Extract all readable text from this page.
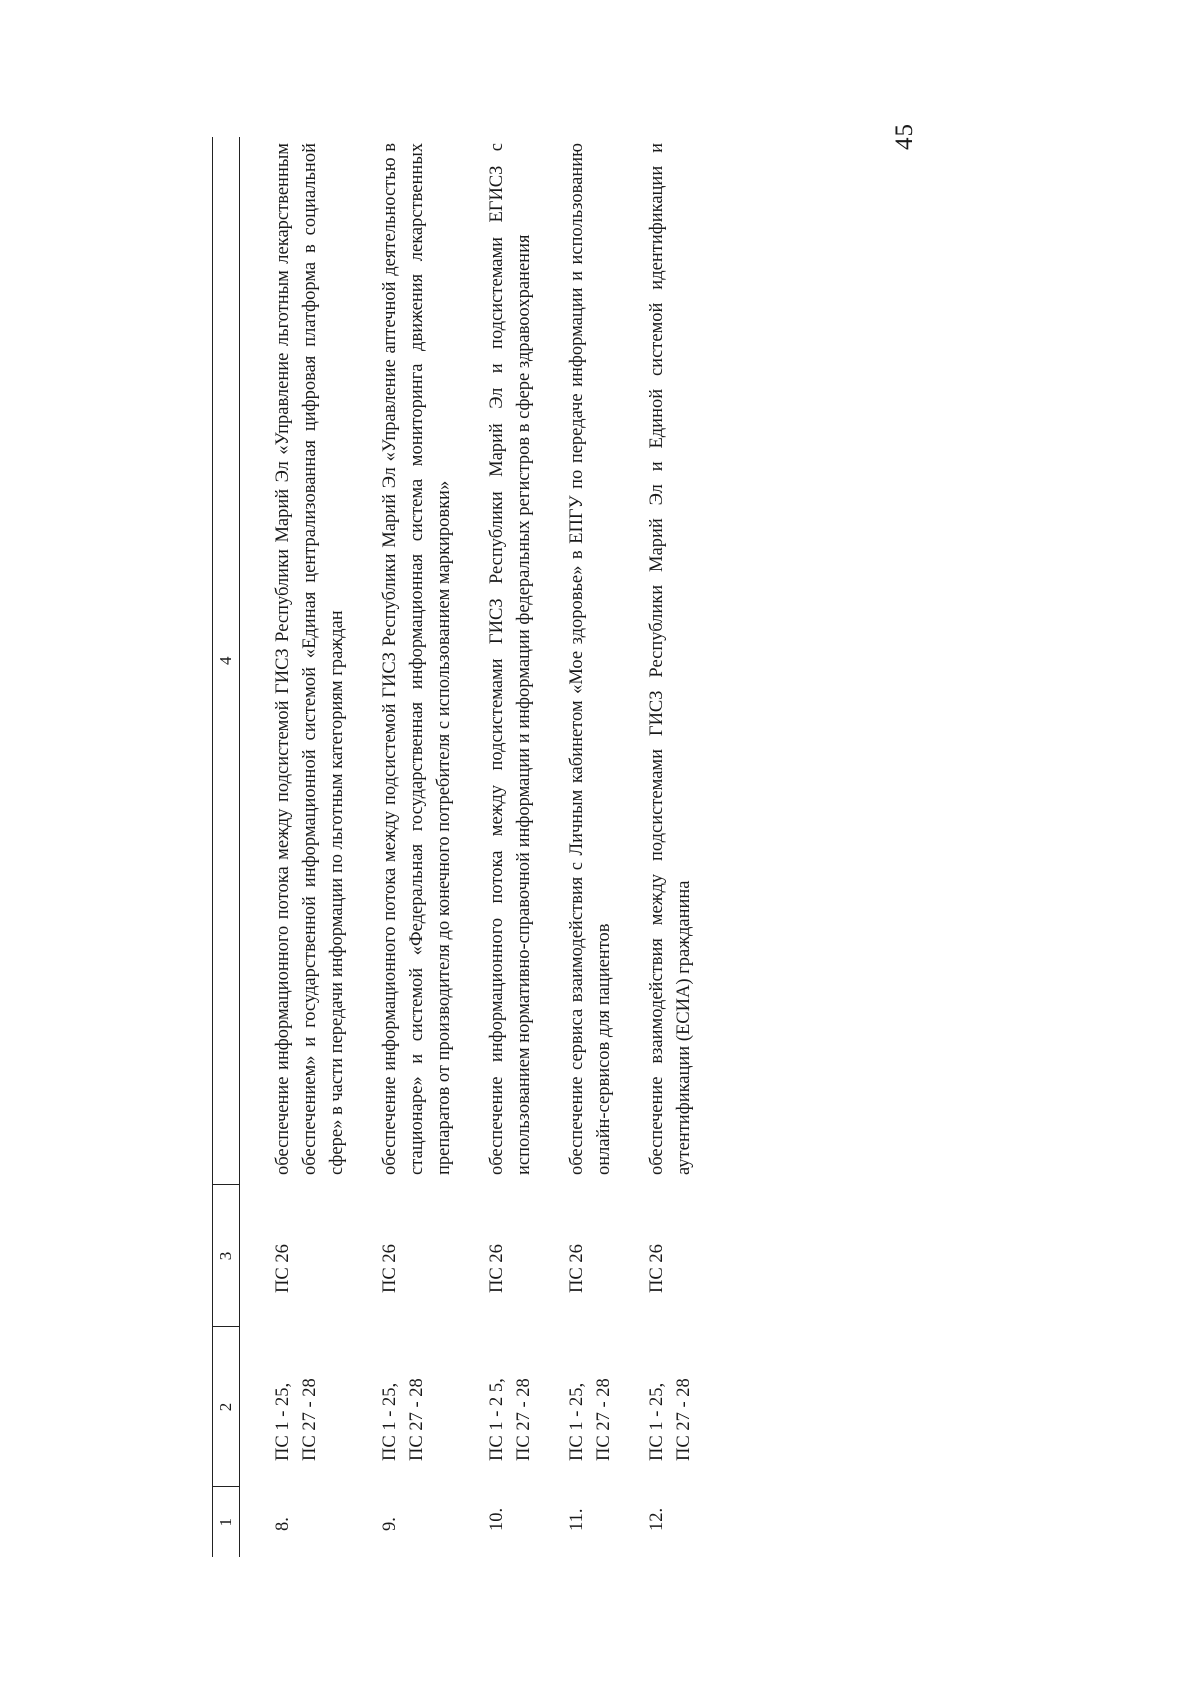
45
1	2	3	4
8.	ПС 1 - 25, ПС 27 - 28	ПС 26	обеспечение информационного потока между подсистемой ГИСЗ Республики Марий Эл «Управление льготным лекарственным обеспечением» и государственной информационной системой «Единая централизованная цифровая платформа в социальной сфере» в части передачи информации по льготным категориям граждан
9.	ПС 1 - 25, ПС 27 - 28	ПС 26	обеспечение информационного потока между подсистемой ГИСЗ Республики Марий Эл «Управление аптечной деятельностью в стационаре» и системой «Федеральная государственная информационная система мониторинга движения лекарственных препаратов от производителя до конечного потребителя с использованием маркировки»
10.	ПС 1 - 2 5, ПС 27 - 28	ПС 26	обеспечение информационного потока между подсистемами ГИСЗ Республики Марий Эл и подсистемами ЕГИСЗ с использованием нормативно-справочной информации и информации федеральных регистров в сфере здравоохранения
11.	ПС 1 - 25, ПС 27 - 28	ПС 26	обеспечение сервиса взаимодействия с Личным кабинетом «Мое здоровье» в ЕПГУ по передаче информации и использованию онлайн-сервисов для пациентов
12.	ПС 1 - 25, ПС 27 - 28	ПС 26	обеспечение взаимодействия между подсистемами ГИСЗ Республики Марий Эл и Единой системой идентификации и аутентификации (ЕСИА) гражданина
